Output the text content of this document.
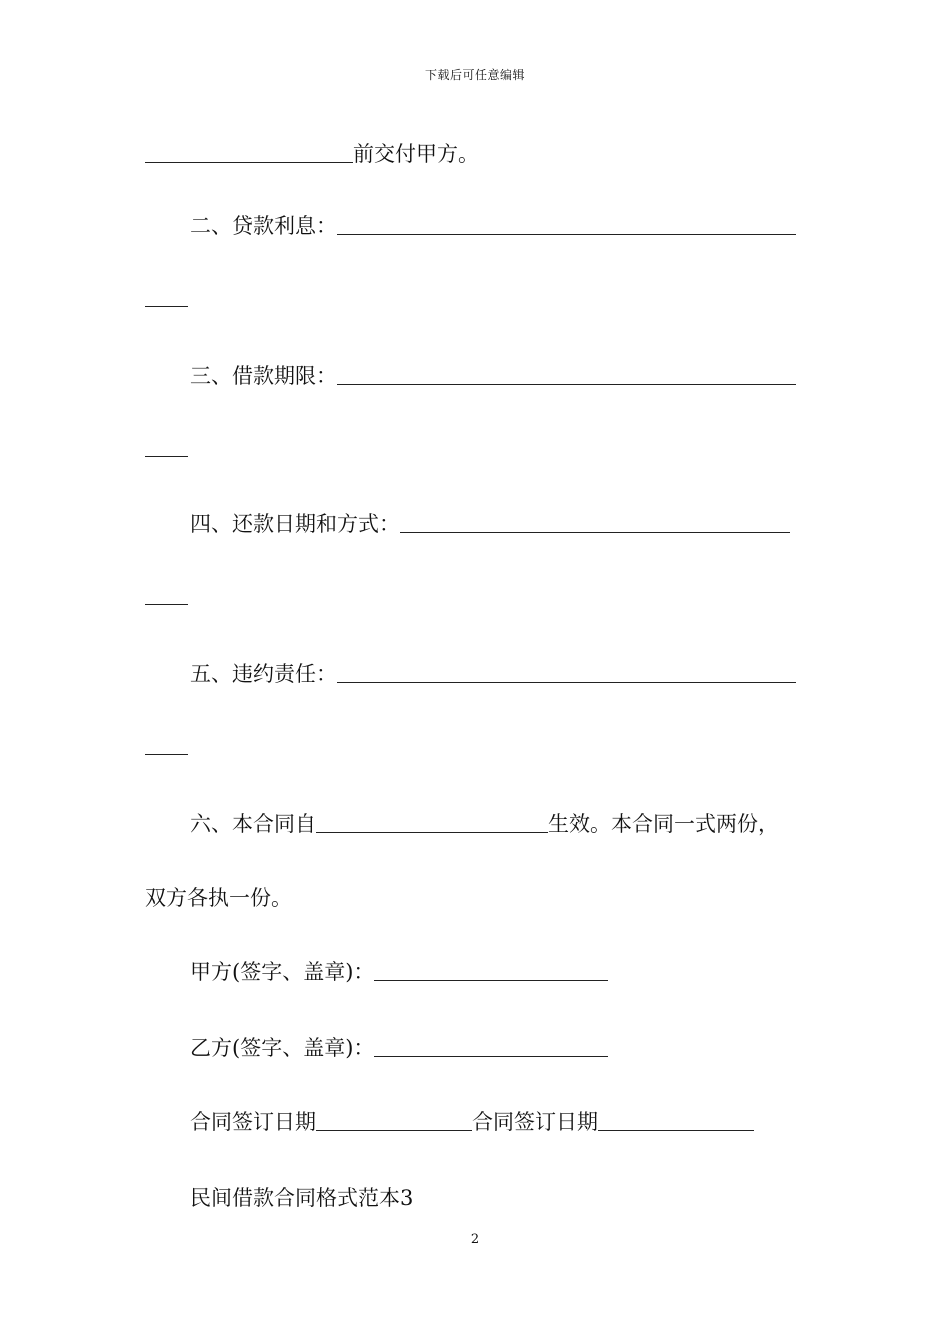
下载后可任意编辑
前交付甲方。
二、贷款利息：
三、借款期限：
四、还款日期和方式：
五、违约责任：
六、本合同自	生效。本合同一式两份，
双方各执一份。
甲方(签字、盖章)：
乙方(签字、盖章)：
合同签订日期	合同签订日期
民间借款合同格式范本3
2
